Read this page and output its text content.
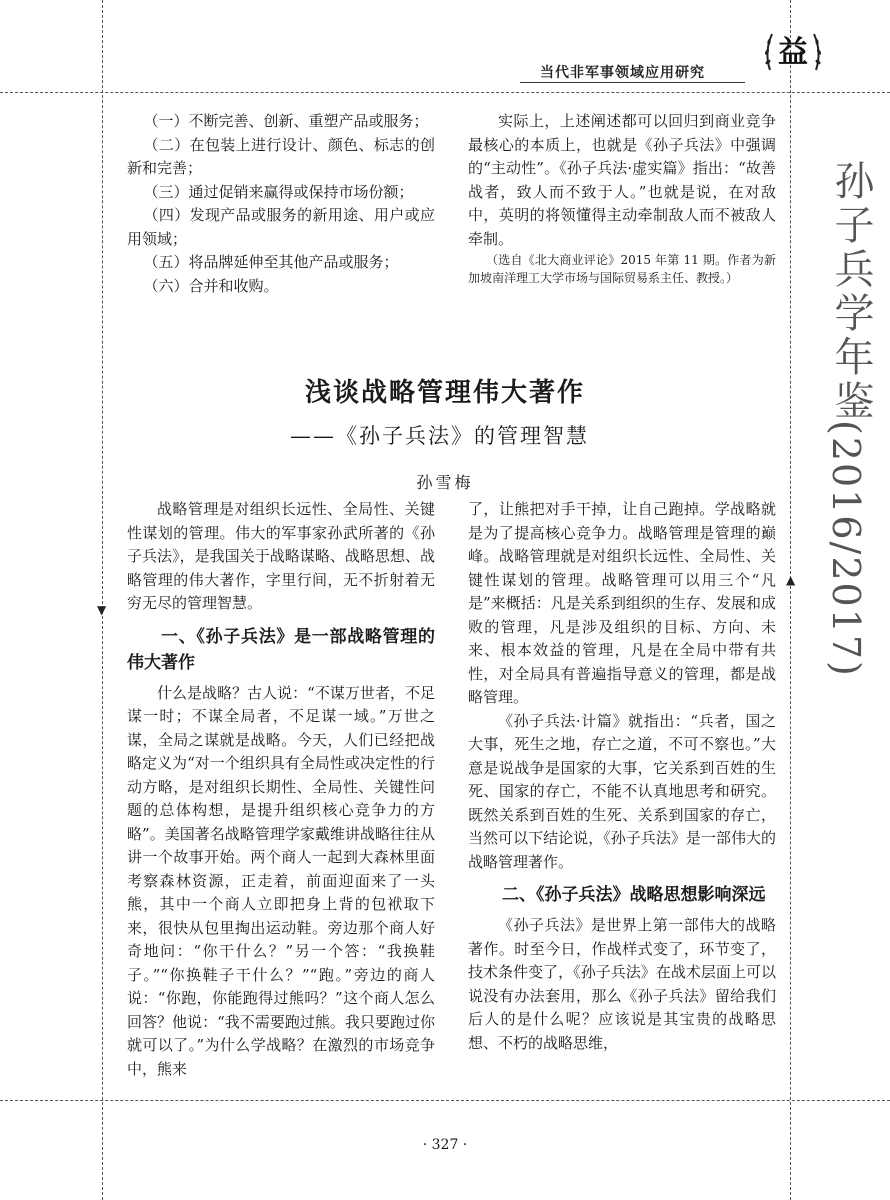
▼
▲
当代非军事领域应用研究
益
孙子兵学年鉴
(2016/2017)

（一）不断完善、创新、重塑产品或服务；

（二）在包装上进行设计、颜色、标志的创新和完善；

（三）通过促销来赢得或保持市场份额；

（四）发现产品或服务的新用途、用户或应用领域；

（五）将品牌延伸至其他产品或服务；

（六）合并和收购。

实际上，上述阐述都可以回归到商业竞争最核心的本质上，也就是《孙子兵法》中强调的“主动性”。《孙子兵法·虚实篇》指出：“故善战者，致人而不致于人。”也就是说，在对敌中，英明的将领懂得主动牵制敌人而不被敌人牵制。

（选自《北大商业评论》2015 年第 11 期。作者为新加坡南洋理工大学市场与国际贸易系主任、教授。）

浅谈战略管理伟大著作
——《孙子兵法》的管理智慧
孙雪梅

战略管理是对组织长远性、全局性、关键性谋划的管理。伟大的军事家孙武所著的《孙子兵法》，是我国关于战略谋略、战略思想、战略管理的伟大著作，字里行间，无不折射着无穷无尽的管理智慧。

一、《孙子兵法》是一部战略管理的伟大著作

什么是战略？古人说：“不谋万世者，不足谋一时；不谋全局者，不足谋一域。”万世之谋，全局之谋就是战略。今天，人们已经把战略定义为“对一个组织具有全局性或决定性的行动方略，是对组织长期性、全局性、关键性问题的总体构想，是提升组织核心竞争力的方略”。美国著名战略管理学家戴维讲战略往往从讲一个故事开始。两个商人一起到大森林里面考察森林资源，正走着，前面迎面来了一头熊，其中一个商人立即把身上背的包袱取下来，很快从包里掏出运动鞋。旁边那个商人好奇地问：“你干什么？”另一个答：“我换鞋子。”“你换鞋子干什么？”“跑。”旁边的商人说：“你跑，你能跑得过熊吗？”这个商人怎么回答？他说：“我不需要跑过熊。我只要跑过你就可以了。”为什么学战略？在激烈的市场竞争中，熊来

了，让熊把对手干掉，让自己跑掉。学战略就是为了提高核心竞争力。战略管理是管理的巅峰。战略管理就是对组织长远性、全局性、关键性谋划的管理。战略管理可以用三个“凡是”来概括：凡是关系到组织的生存、发展和成败的管理，凡是涉及组织的目标、方向、未来、根本效益的管理，凡是在全局中带有共性，对全局具有普遍指导意义的管理，都是战略管理。

《孙子兵法·计篇》就指出：“兵者，国之大事，死生之地，存亡之道，不可不察也。”大意是说战争是国家的大事，它关系到百姓的生死、国家的存亡，不能不认真地思考和研究。既然关系到百姓的生死、关系到国家的存亡，当然可以下结论说，《孙子兵法》是一部伟大的战略管理著作。

二、《孙子兵法》战略思想影响深远

《孙子兵法》是世界上第一部伟大的战略著作。时至今日，作战样式变了，环节变了，技术条件变了，《孙子兵法》在战术层面上可以说没有办法套用，那么《孙子兵法》留给我们后人的是什么呢？应该说是其宝贵的战略思想、不朽的战略思维，

· 327 ·
